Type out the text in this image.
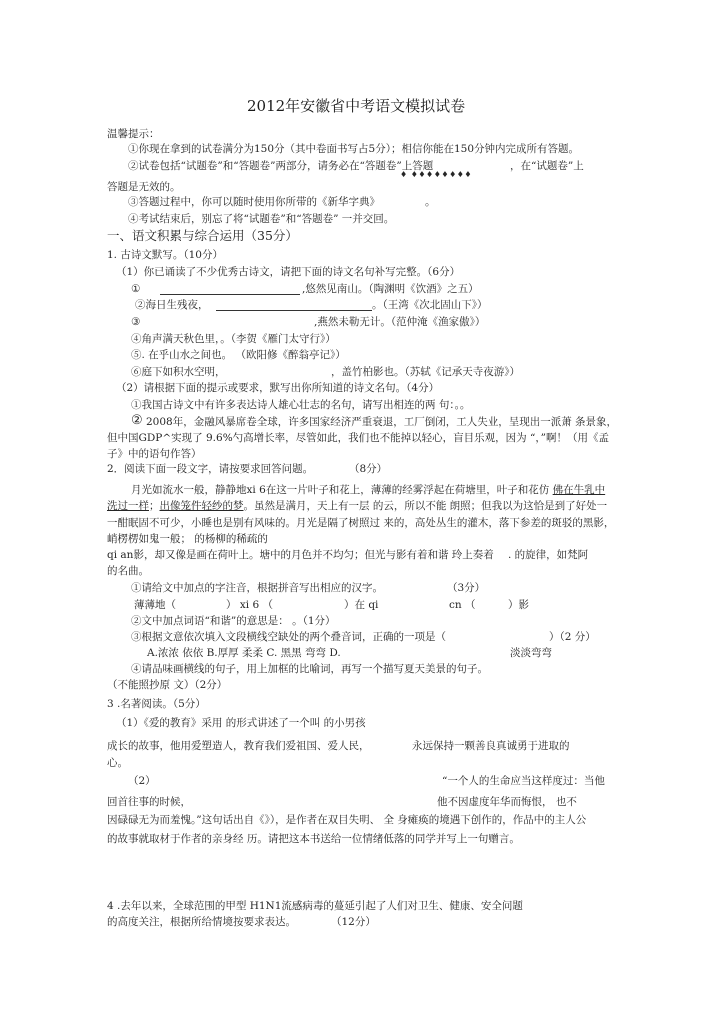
2012年安徽省中考语文模拟试卷
温馨提示：
①你现在拿到的试卷满分为150分（其中卷面书写占5分）；相信你能在150分钟内完成所有答题。
②试卷包括“试题卷”和“答题卷”两部分，请务必在“答题卷”上答题	，在“试题卷”上
♦ ♦♦♦♦♦♦♦♦
答题是无效的。
③答题过程中，你可以随时使用你所带的《新华字典》	。
④考试结束后，别忘了将“试题卷”和“答题卷” 一并交回。
一、语文积累与综合运用（35分）
1. 古诗文默写。（10分）
（1）你已诵读了不少优秀古诗文，请把下面的诗文名句补写完整。（6分）
①	,悠然见南山。（陶渊明《饮酒》之五）
②海日生残夜，	。（王湾《次北固山下》）
③	,燕然未勒无计。（范仲淹《渔家傲》）
④角声满天秋色里，。（李贺《雁门太守行》）
⑤. 在乎山水之间也。 （欧阳修《醉翁亭记》）
⑥庭下如积水空明，	，盖竹柏影也。（苏轼《记承天寺夜游》）
（2）请根据下面的提示或要求，默写出你所知道的诗文名句。（4分）
①我国古诗文中有许多表达诗人雄心壮志的名句，请写出相连的两 句：。。
② 2008年，金融风暴席卷全球，许多国家经济严重衰退，工厂倒闭，工人失业，呈现出一派萧 条景象，
但中国GDP^实现了 9.6%勺高增长率，尽管如此，我们也不能掉以轻心，盲目乐观，因为 “，”啊！（用《孟
子》中的语句作答）
2．阅读下面一段文字，请按要求回答问题。	（8分）
月光如流水一般，静静地xi 6在这一片叶子和花上，薄薄的经雾浮起在荷塘里，叶子和花仿 佛在牛乳中
洗过一样；出像笼件轻纱的梦。虽然是满月，天上有一层 的云，所以不能 朗照；但我以为这恰是到了好处一
一酣眠固不可少，小睡也是别有风味的。月光是隔了树照过 来的，高处丛生的灌木，落下参差的斑驳的黑影，
峭楞楞如鬼一般； 的杨柳的稀疏的
qi an影，却又像是画在荷叶上。塘中的月色并不均匀；但光与影有着和谐 玲上奏着 . 的旋律，如梵阿
的名曲。
①请给文中加点的字注音，根据拼音写出相应的汉字。	（3分）
薄薄地（	） xi 6 （	）在 qi	cn （	）影
②文中加点词语“和谐”的意思是： 。（1分）
③根据文意依次填入文段横线空缺处的两个叠音词，正确的一项是（	）（2 分）
A.浓浓 依依 B.厚厚 柔柔 C. 黑黑 弯弯 D.	淡淡弯弯
④请品味画横线的句子，用上加框的比喻词，再写一个描写夏天美景的句子。
（不能照抄原 文）（2分）
3 .名著阅读。（5分）
（1）《爱的教育》采用 的形式讲述了一个叫 的小男孩
成长的故事，他用爱塑造人，教育我们爱祖国、爱人民，	永远保持一颗善良真诚勇于进取的
心。
（2）	“一个人的生命应当这样度过：当他
回首往事的时候，	他不因虚度年华而悔恨， 也不
因碌碌无为而羞愧。”这句话出自《》），是作者在双目失明、 全 身瘫痪的境遇下创作的，作品中的主人公
的故事就取材于作者的亲身经 历。请把这本书送给一位情绪低落的同学并写上一句赠言。
4 .去年以来，全球范围的甲型 H1N1流感病毒的蔓延引起了人们对卫生、健康、安全问题
的高度关注，根据所给情境按要求表达。	（12分）
